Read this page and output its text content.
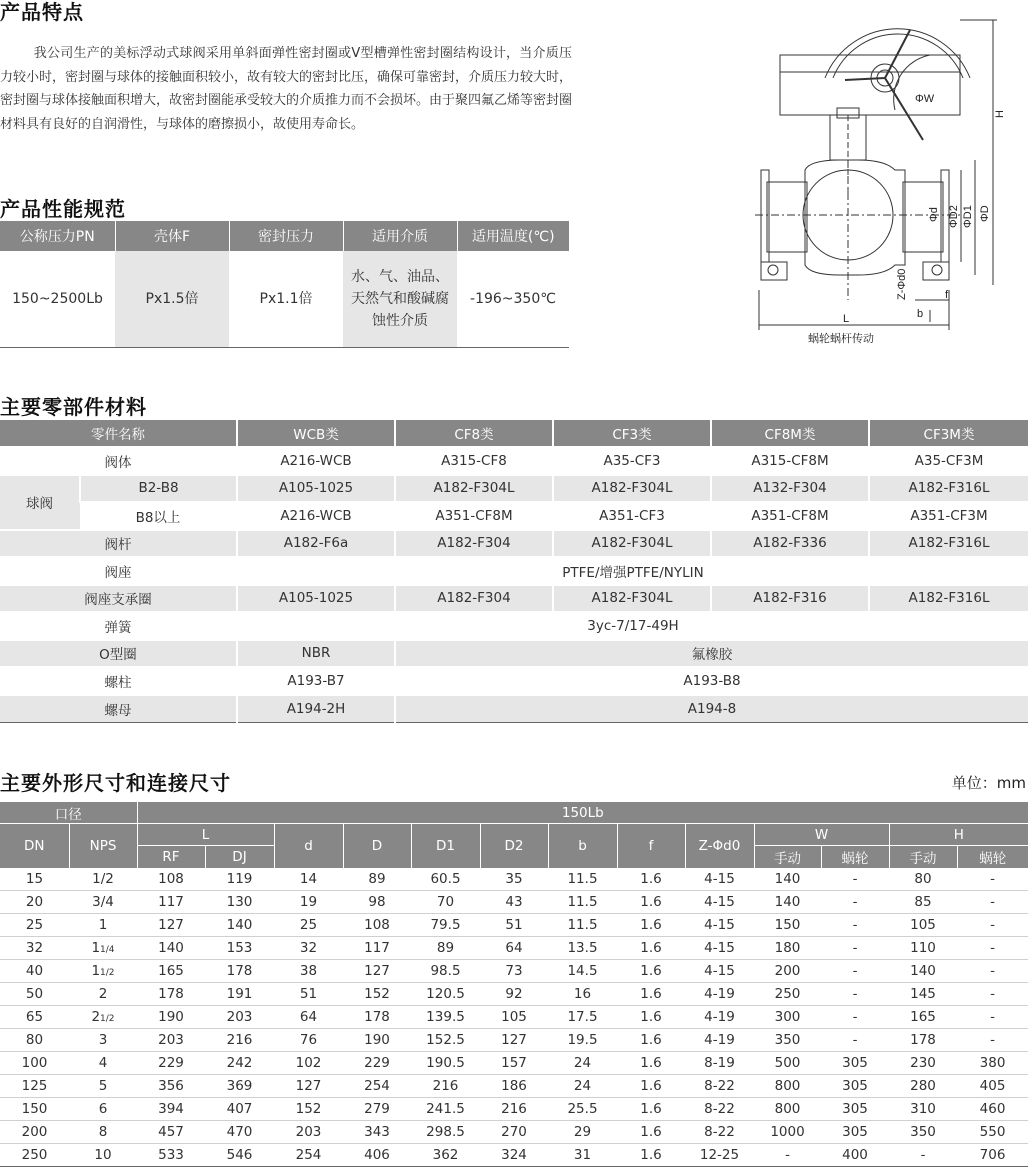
产品特点

我公司生产的美标浮动式球阀采用单斜面弹性密封圈或V型槽弹性密封圈结构设计，当介质压力较小时，密封圈与球体的接触面积较小，故有较大的密封比压，确保可靠密封，介质压力较大时，密封圈与球体接触面积增大，故密封圈能承受较大的介质推力而不会损坏。由于聚四氟乙烯等密封圈材料具有良好的自润滑性，与球体的磨擦损小，故使用寿命长。

产品性能规范
公称压力PN	壳体F	密封压力	适用介质	适用温度(℃)
150~2500Lb	Px1.5倍	Px1.1倍	水、气、油品、天然气和酸碱腐蚀性介质	-196~350℃
ΦW
H
Φd ΦD2 ΦD1 ΦD
Z-Φd0	f
b
L
蜗轮蜗杆传动
主要零部件材料
零件名称		WCB类	CF8类	CF3类	CF8M类	CF3M类
阀体		A216-WCB	A315-CF8	A35-CF3	A315-CF8M	A35-CF3M
球阀	B2-B8	A105-1025	A182-F304L	A182-F304L	A132-F304	A182-F316L
	B8以上	A216-WCB	A351-CF8M	A351-CF3	A351-CF8M	A351-CF3M
阀杆		A182-F6a	A182-F304	A182-F304L	A182-F336	A182-F316L
阀座		PTFE/增强PTFE/NYLIN				
阀座支承圈		A105-1025	A182-F304	A182-F304L	A182-F316	A182-F316L
弹簧		3yc-7/17-49H				
O型圈		NBR	氟橡胶			
螺柱		A193-B7	A193-B8			
螺母		A194-2H	A194-8			
主要外形尺寸和连接尺寸	单位：mm
口径		150Lb												
DN	NPS	L		d	D	D1	D2	b	f	Z-Φd0	W		H	
		RF	DJ								手动	蜗轮	手动	蜗轮
15	1/2	108	119	14	89	60.5	35	11.5	1.6	4-15	140	-	80	-
20	3/4	117	130	19	98	70	43	11.5	1.6	4-15	140	-	85	-
25	1	127	140	25	108	79.5	51	11.5	1.6	4-15	150	-	105	-
32	11/4	140	153	32	117	89	64	13.5	1.6	4-15	180	-	110	-
40	11/2	165	178	38	127	98.5	73	14.5	1.6	4-15	200	-	140	-
50	2	178	191	51	152	120.5	92	16	1.6	4-19	250	-	145	-
65	21/2	190	203	64	178	139.5	105	17.5	1.6	4-19	300	-	165	-
80	3	203	216	76	190	152.5	127	19.5	1.6	4-19	350	-	178	-
100	4	229	242	102	229	190.5	157	24	1.6	8-19	500	305	230	380
125	5	356	369	127	254	216	186	24	1.6	8-22	800	305	280	405
150	6	394	407	152	279	241.5	216	25.5	1.6	8-22	800	305	310	460
200	8	457	470	203	343	298.5	270	29	1.6	8-22	1000	305	350	550
250	10	533	546	254	406	362	324	31	1.6	12-25	-	400	-	706
